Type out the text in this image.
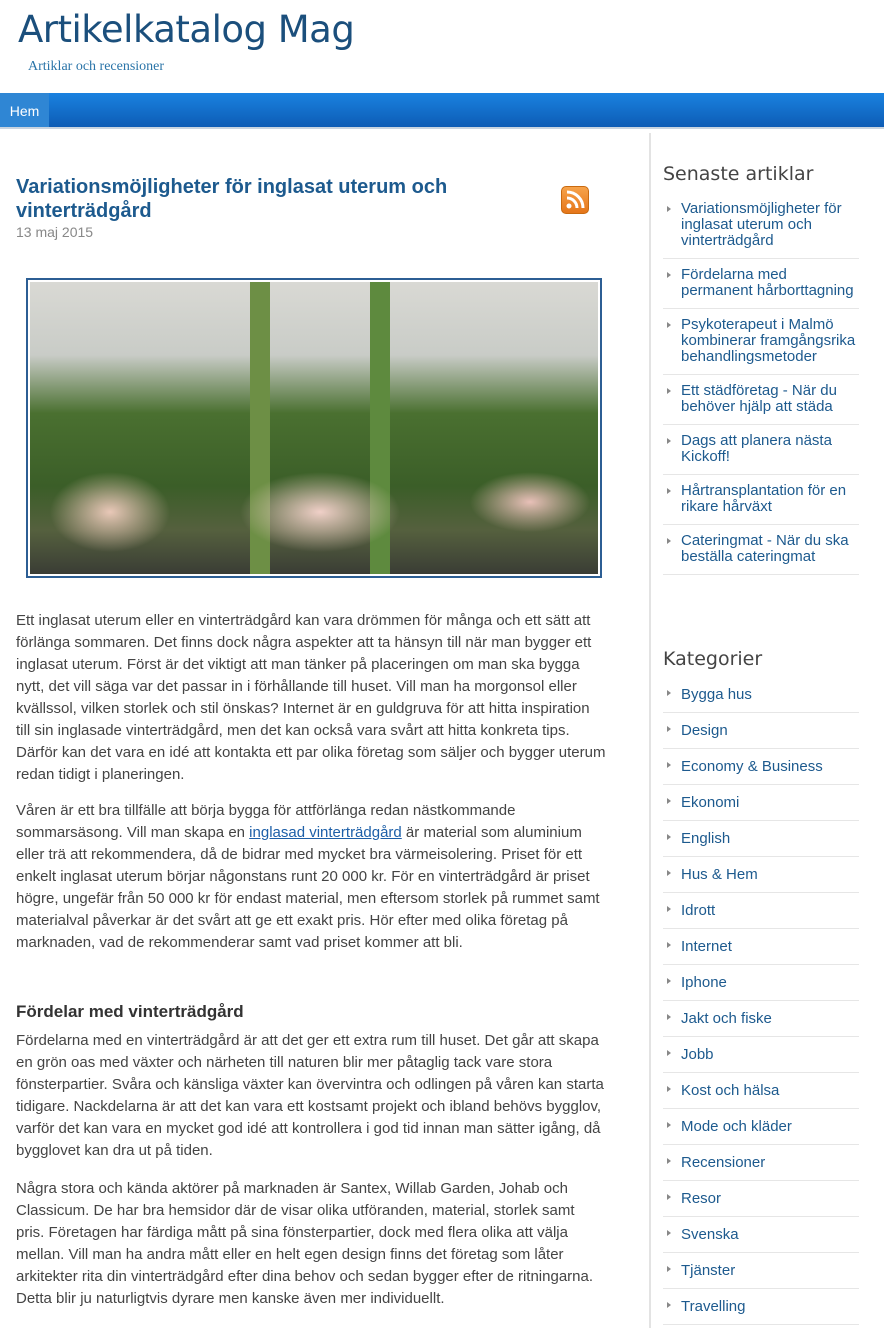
Artikelkatalog Mag
Artiklar och recensioner
Hem
Variationsmöjligheter för inglasat uterum och vinterträdgård
13 maj 2015

Ett inglasat uterum eller en vinterträdgård kan vara drömmen för många och ett sätt att förlänga sommaren. Det finns dock några aspekter att ta hänsyn till när man bygger ett inglasat uterum. Först är det viktigt att man tänker på placeringen om man ska bygga nytt, det vill säga var det passar in i förhållande till huset. Vill man ha morgonsol eller kvällssol, vilken storlek och stil önskas? Internet är en guldgruva för att hitta inspiration till sin inglasade vinterträdgård, men det kan också vara svårt att hitta konkreta tips. Därför kan det vara en idé att kontakta ett par olika företag som säljer och bygger uterum redan tidigt i planeringen.

Våren är ett bra tillfälle att börja bygga för attförlänga redan nästkommande sommarsäsong. Vill man skapa en inglasad vinterträdgård är material som aluminium eller trä att rekommendera, då de bidrar med mycket bra värmeisolering. Priset för ett enkelt inglasat uterum börjar någonstans runt 20 000 kr. För en vinterträdgård är priset högre, ungefär från 50 000 kr för endast material, men eftersom storlek på rummet samt materialval påverkar är det svårt att ge ett exakt pris. Hör efter med olika företag på marknaden, vad de rekommenderar samt vad priset kommer att bli.

Fördelar med vinterträdgård

Fördelarna med en vinterträdgård är att det ger ett extra rum till huset. Det går att skapa en grön oas med växter och närheten till naturen blir mer påtaglig tack vare stora fönsterpartier. Svåra och känsliga växter kan övervintra och odlingen på våren kan starta tidigare. Nackdelarna är att det kan vara ett kostsamt projekt och ibland behövs bygglov, varför det kan vara en mycket god idé att kontrollera i god tid innan man sätter igång, då bygglovet kan dra ut på tiden.

Några stora och kända aktörer på marknaden är Santex, Willab Garden, Johab och Classicum. De har bra hemsidor där de visar olika utföranden, material, storlek samt pris. Företagen har färdiga mått på sina fönsterpartier, dock med flera olika att välja mellan. Vill man ha andra mått eller en helt egen design finns det företag som låter arkitekter rita din vinterträdgård efter dina behov och sedan bygger efter de ritningarna. Detta blir ju naturligtvis dyrare men kanske även mer individuellt.

Senaste artiklar
Variationsmöjligheter för inglasat uterum och vinterträdgård
Fördelarna med permanent hårborttagning
Psykoterapeut i Malmö kombinerar framgångsrika behandlingsmetoder
Ett städföretag - När du behöver hjälp att städa
Dags att planera nästa Kickoff!
Hårtransplantation för en rikare hårväxt
Cateringmat - När du ska beställa cateringmat
Kategorier
Bygga hus
Design
Economy & Business
Ekonomi
English
Hus & Hem
Idrott
Internet
Iphone
Jakt och fiske
Jobb
Kost och hälsa
Mode och kläder
Recensioner
Resor
Svenska
Tjänster
Travelling
